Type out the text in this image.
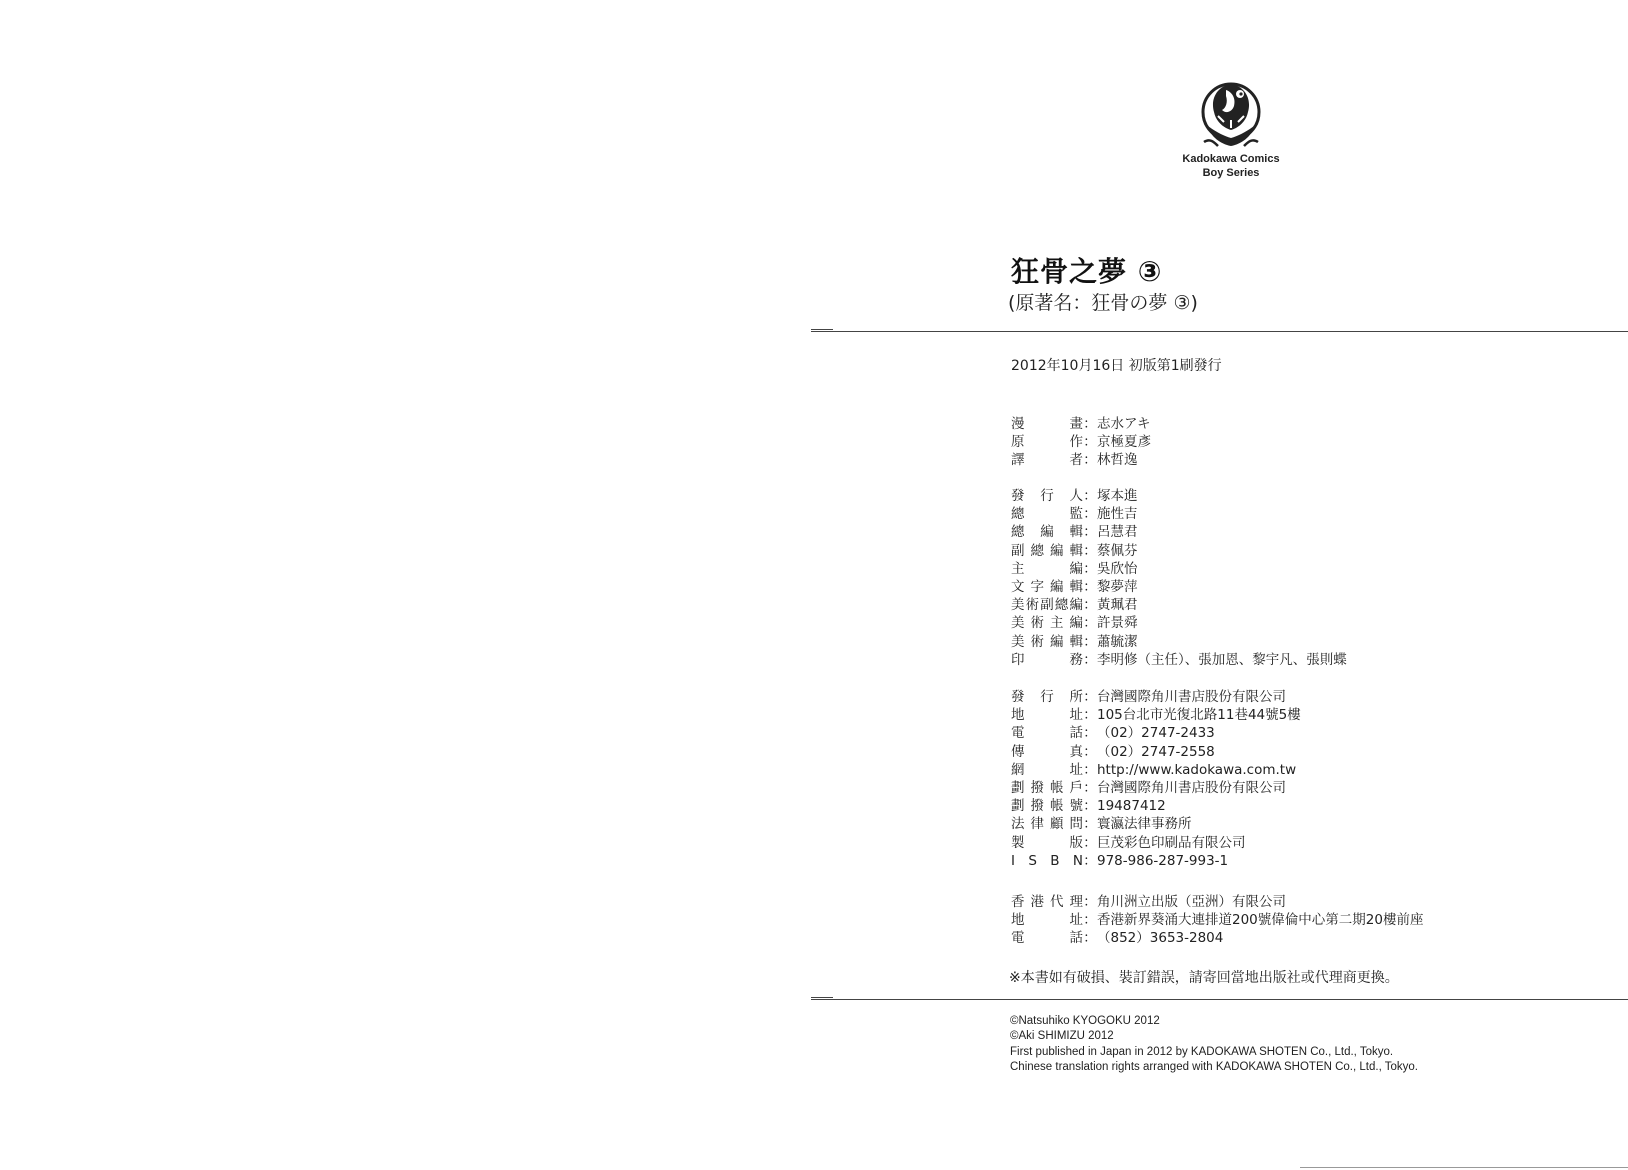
Kadokawa Comics
Boy Series
狂骨之夢 ③
(原著名：狂骨の夢 ③)
2012年10月16日 初版第1刷發行
漫	畫 ： 志水アキ
原	作 ： 京極夏彥
譯	者 ： 林哲逸
發 行 人 ： 塚本進
總	監 ： 施性吉
總 編 輯 ： 呂慧君
副 總 編 輯 ： 蔡佩芬
主	編 ： 吳欣怡
文 字 編 輯 ： 黎夢萍
美 術 副 總 編 ： 黃珮君
美 術 主 編 ： 許景舜
美 術 編 輯 ： 蕭毓潔
印	務 ： 李明修（主任）、張加恩、黎宇凡、張則蝶
發 行 所 ： 台灣國際角川書店股份有限公司
地	址 ： 105台北市光復北路11巷44號5樓
電	話 ： （02）2747-2433
傳	真 ： （02）2747-2558
網	址 ： http://www.kadokawa.com.tw
劃 撥 帳 戶 ： 台灣國際角川書店股份有限公司
劃 撥 帳 號 ： 19487412
法 律 顧 問 ： 寰瀛法律事務所
製	版 ： 巨茂彩色印刷品有限公司
I S B N ： 978-986-287-993-1
香 港 代 理 ： 角川洲立出版（亞洲）有限公司
地	址 ： 香港新界葵涌大連排道200號偉倫中心第二期20樓前座
電	話 ： （852）3653-2804
※本書如有破損、裝訂錯誤，請寄回當地出版社或代理商更換。
©Natsuhiko KYOGOKU 2012
©Aki SHIMIZU 2012
First published in Japan in 2012 by KADOKAWA SHOTEN Co., Ltd., Tokyo.
Chinese translation rights arranged with KADOKAWA SHOTEN Co., Ltd., Tokyo.
